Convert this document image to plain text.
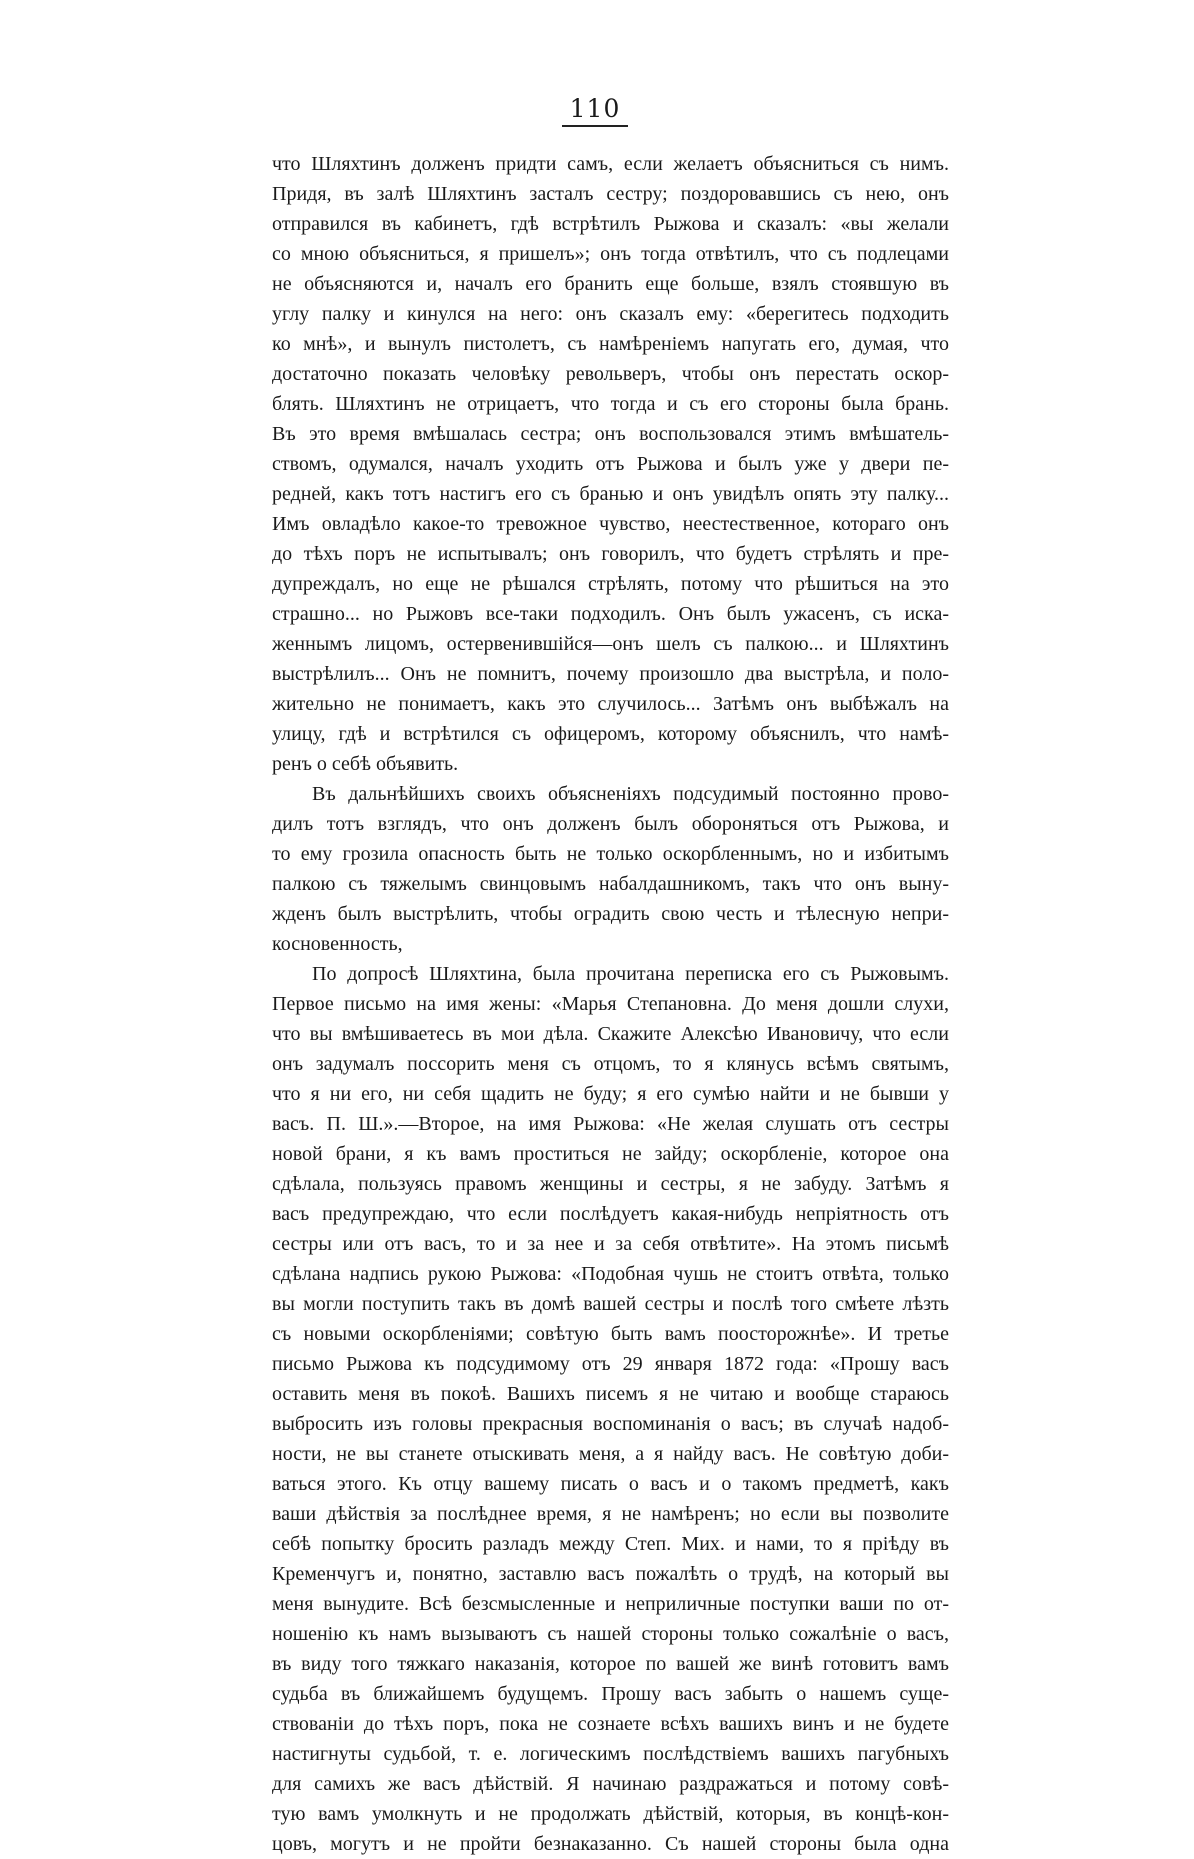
110
что Шляхтинъ долженъ придти самъ, если желаетъ объясниться съ нимъ.
Придя, въ залѣ Шляхтинъ засталъ сестру; поздоровавшись съ нею, онъ
отправился въ кабинетъ, гдѣ встрѣтилъ Рыжова и сказалъ: «вы желали
со мною объясниться, я пришелъ»; онъ тогда отвѣтилъ, что съ подлецами
не объясняются и, началъ его бранить еще больше, взялъ стоявшую въ
углу палку и кинулся на него: онъ сказалъ ему: «берегитесь подходить
ко мнѣ», и вынулъ пистолетъ, съ намѣреніемъ напугать его, думая, что
достаточно показать человѣку револьверъ, чтобы онъ перестать оскор-
блять. Шляхтинъ не отрицаетъ, что тогда и съ его стороны была брань.
Въ это время вмѣшалась сестра; онъ воспользовался этимъ вмѣшатель-
ствомъ, одумался, началъ уходить отъ Рыжова и былъ уже у двери пе-
редней, какъ тотъ настигъ его съ бранью и онъ увидѣлъ опять эту палку...
Имъ овладѣло какое-то тревожное чувство, неестественное, котораго онъ
до тѣхъ поръ не испытывалъ; онъ говорилъ, что будетъ стрѣлять и пре-
дупреждалъ, но еще не рѣшался стрѣлять, потому что рѣшиться на это
страшно... но Рыжовъ все-таки подходилъ. Онъ былъ ужасенъ, съ иска-
женнымъ лицомъ, остервенившійся—онъ шелъ съ палкою... и Шляхтинъ
выстрѣлилъ... Онъ не помнитъ, почему произошло два выстрѣла, и поло-
жительно не понимаетъ, какъ это случилось... Затѣмъ онъ выбѣжалъ на
улицу, гдѣ и встрѣтился съ офицеромъ, которому объяснилъ, что намѣ-
ренъ о себѣ объявить.
Въ дальнѣйшихъ своихъ объясненіяхъ подсудимый постоянно прово-
дилъ тотъ взглядъ, что онъ долженъ былъ обороняться отъ Рыжова, и
то ему грозила опасность быть не только оскорбленнымъ, но и избитымъ
палкою съ тяжелымъ свинцовымъ набалдашникомъ, такъ что онъ выну-
жденъ былъ выстрѣлить, чтобы оградить свою честь и тѣлесную непри-
косновенность,
По допросѣ Шляхтина, была прочитана переписка его съ Рыжовымъ.
Первое письмо на имя жены: «Марья Степановна. До меня дошли слухи,
что вы вмѣшиваетесь въ мои дѣла. Скажите Алексѣю Ивановичу, что если
онъ задумалъ поссорить меня съ отцомъ, то я клянусь всѣмъ святымъ,
что я ни его, ни себя щадить не буду; я его сумѣю найти и не бывши у
васъ. П. Ш.».—Второе, на имя Рыжова: «Не желая слушать отъ сестры
новой брани, я къ вамъ проститься не зайду; оскорбленіе, которое она
сдѣлала, пользуясь правомъ женщины и сестры, я не забуду. Затѣмъ я
васъ предупреждаю, что если послѣдуетъ какая-нибудь непріятность отъ
сестры или отъ васъ, то и за нее и за себя отвѣтите». На этомъ письмѣ
сдѣлана надпись рукою Рыжова: «Подобная чушь не стоитъ отвѣта, только
вы могли поступить такъ въ домѣ вашей сестры и послѣ того смѣете лѣзть
съ новыми оскорбленіями; совѣтую быть вамъ поосторожнѣе». И третье
письмо Рыжова къ подсудимому отъ 29 января 1872 года: «Прошу васъ
оставить меня въ покоѣ. Вашихъ писемъ я не читаю и вообще стараюсь
выбросить изъ головы прекрасныя воспоминанія о васъ; въ случаѣ надоб-
ности, не вы станете отыскивать меня, а я найду васъ. Не совѣтую доби-
ваться этого. Къ отцу вашему писать о васъ и о такомъ предметѣ, какъ
ваши дѣйствія за послѣднее время, я не намѣренъ; но если вы позволите
себѣ попытку бросить разладъ между Степ. Мих. и нами, то я пріѣду въ
Кременчугъ и, понятно, заставлю васъ пожалѣть о трудѣ, на который вы
меня вынудите. Всѣ безсмысленные и неприличные поступки ваши по от-
ношенію къ намъ вызываютъ съ нашей стороны только сожалѣніе о васъ,
въ виду того тяжкаго наказанія, которое по вашей же винѣ готовитъ вамъ
судьба въ ближайшемъ будущемъ. Прошу васъ забыть о нашемъ суще-
ствованіи до тѣхъ поръ, пока не сознаете всѣхъ вашихъ винъ и не будете
настигнуты судьбой, т. е. логическимъ послѣдствіемъ вашихъ пагубныхъ
для самихъ же васъ дѣйствій. Я начинаю раздражаться и потому совѣ-
тую вамъ умолкнуть и не продолжать дѣйствій, которыя, въ концѣ-кон-
цовъ, могутъ и не пройти безнаказанно. Съ нашей стороны была одна
